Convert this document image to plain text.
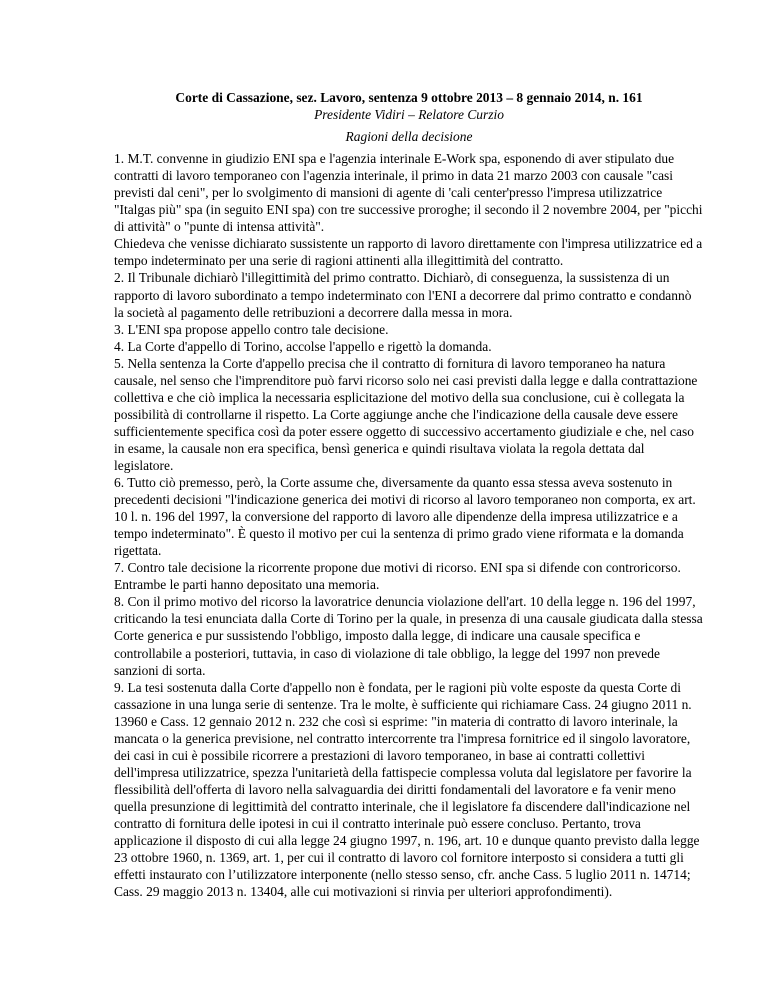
Corte di Cassazione, sez. Lavoro, sentenza 9 ottobre 2013 – 8 gennaio 2014, n. 161

Presidente Vidiri – Relatore Curzio

Ragioni della decisione

1. M.T. convenne in giudizio ENI spa e l'agenzia interinale E-Work spa, esponendo di aver stipulato due contratti di lavoro temporaneo con l'agenzia interinale, il primo in data 21 marzo 2003 con causale "casi previsti dal ceni", per lo svolgimento di mansioni di agente di 'cali center'presso l'impresa utilizzatrice "Italgas più" spa (in seguito ENI spa) con tre successive proroghe; il secondo il 2 novembre 2004, per "picchi di attività" o "punte di intensa attività".

Chiedeva che venisse dichiarato sussistente un rapporto di lavoro direttamente con l'impresa utilizzatrice ed a tempo indeterminato per una serie di ragioni attinenti alla illegittimità del contratto.

2. Il Tribunale dichiarò l'illegittimità del primo contratto. Dichiarò, di conseguenza, la sussistenza di un rapporto di lavoro subordinato a tempo indeterminato con l'ENI a decorrere dal primo contratto e condannò la società al pagamento delle retribuzioni a decorrere dalla messa in mora.

3. L'ENI spa propose appello contro tale decisione.

4. La Corte d'appello di Torino, accolse l'appello e rigettò la domanda.

5. Nella sentenza la Corte d'appello precisa che il contratto di fornitura di lavoro temporaneo ha natura causale, nel senso che l'imprenditore può farvi ricorso solo nei casi previsti dalla legge e dalla contrattazione collettiva e che ciò implica la necessaria esplicitazione del motivo della sua conclusione, cui è collegata la possibilità di controllarne il rispetto. La Corte aggiunge anche che l'indicazione della causale deve essere sufficientemente specifica così da poter essere oggetto di successivo accertamento giudiziale e che, nel caso in esame, la causale non era specifica, bensì generica e quindi risultava violata la regola dettata dal legislatore.

6. Tutto ciò premesso, però, la Corte assume che, diversamente da quanto essa stessa aveva sostenuto in precedenti decisioni "l'indicazione generica dei motivi di ricorso al lavoro temporaneo non comporta, ex art. 10 l. n. 196 del 1997, la conversione del rapporto di lavoro alle dipendenze della impresa utilizzatrice e a tempo indeterminato". È questo il motivo per cui la sentenza di primo grado viene riformata e la domanda rigettata.

7. Contro tale decisione la ricorrente propone due motivi di ricorso. ENI spa si difende con controricorso. Entrambe le parti hanno depositato una memoria.

8. Con il primo motivo del ricorso la lavoratrice denuncia violazione dell'art. 10 della legge n. 196 del 1997, criticando la tesi enunciata dalla Corte di Torino per la quale, in presenza di una causale giudicata dalla stessa Corte generica e pur sussistendo l'obbligo, imposto dalla legge, di indicare una causale specifica e controllabile a posteriori, tuttavia, in caso di violazione di tale obbligo, la legge del 1997 non prevede sanzioni di sorta.

9. La tesi sostenuta dalla Corte d'appello non è fondata, per le ragioni più volte esposte da questa Corte di cassazione in una lunga serie di sentenze. Tra le molte, è sufficiente qui richiamare Cass. 24 giugno 2011 n. 13960 e Cass. 12 gennaio 2012 n. 232 che così si esprime: "in materia di contratto di lavoro interinale, la mancata o la generica previsione, nel contratto intercorrente tra l'impresa fornitrice ed il singolo lavoratore, dei casi in cui è possibile ricorrere a prestazioni di lavoro temporaneo, in base ai contratti collettivi dell'impresa utilizzatrice, spezza l'unitarietà della fattispecie complessa voluta dal legislatore per favorire la flessibilità dell'offerta di lavoro nella salvaguardia dei diritti fondamentali del lavoratore e fa venir meno quella presunzione di legittimità del contratto interinale, che il legislatore fa discendere dall'indicazione nel contratto di fornitura delle ipotesi in cui il contratto interinale può essere concluso. Pertanto, trova applicazione il disposto di cui alla legge 24 giugno 1997, n. 196, art. 10 e dunque quanto previsto dalla legge 23 ottobre 1960, n. 1369, art. 1, per cui il contratto di lavoro col fornitore interposto si considera a tutti gli effetti instaurato con l’utilizzatore interponente (nello stesso senso, cfr. anche Cass. 5 luglio 2011 n. 14714; Cass. 29 maggio 2013 n. 13404, alle cui motivazioni si rinvia per ulteriori approfondimenti).
